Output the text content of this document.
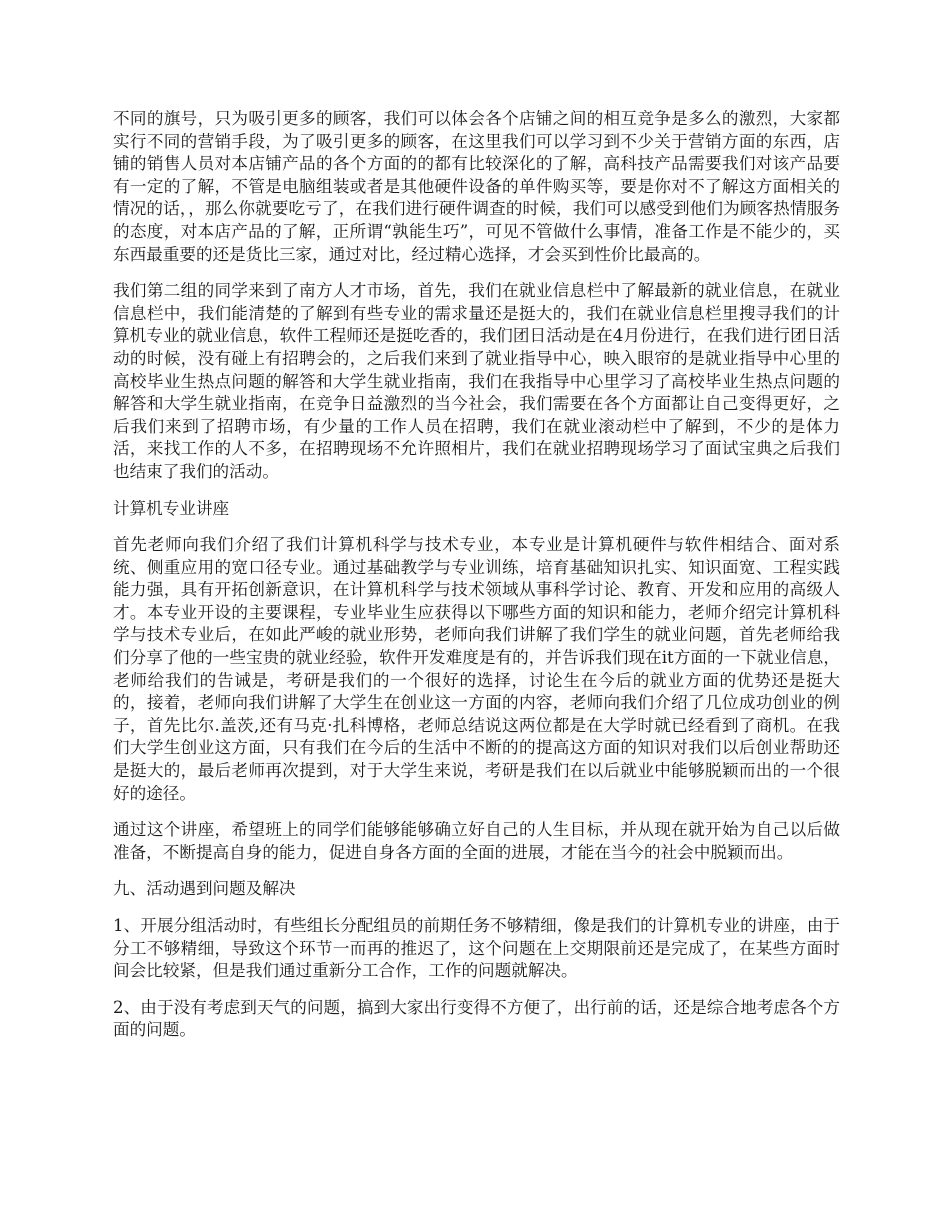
不同的旗号，只为吸引更多的顾客，我们可以体会各个店铺之间的相互竞争是多么的激烈，大家都实行不同的营销手段，为了吸引更多的顾客，在这里我们可以学习到不少关于营销方面的东西，店铺的销售人员对本店铺产品的各个方面的的都有比较深化的了解，高科技产品需要我们对该产品要有一定的了解，不管是电脑组装或者是其他硬件设备的单件购买等，要是你对不了解这方面相关的情况的话，，那么你就要吃亏了，在我们进行硬件调查的时候，我们可以感受到他们为顾客热情服务的态度，对本店产品的了解，正所谓“孰能生巧”，可见不管做什么事情，准备工作是不能少的，买东西最重要的还是货比三家，通过对比，经过精心选择，才会买到性价比最高的。

我们第二组的同学来到了南方人才市场，首先，我们在就业信息栏中了解最新的就业信息，在就业信息栏中，我们能清楚的了解到有些专业的需求量还是挺大的，我们在就业信息栏里搜寻我们的计算机专业的就业信息，软件工程师还是挺吃香的，我们团日活动是在4月份进行，在我们进行团日活动的时候，没有碰上有招聘会的，之后我们来到了就业指导中心，映入眼帘的是就业指导中心里的高校毕业生热点问题的解答和大学生就业指南，我们在我指导中心里学习了高校毕业生热点问题的解答和大学生就业指南，在竞争日益激烈的当今社会，我们需要在各个方面都让自己变得更好，之后我们来到了招聘市场，有少量的工作人员在招聘，我们在就业滚动栏中了解到，不少的是体力活，来找工作的人不多，在招聘现场不允许照相片，我们在就业招聘现场学习了面试宝典之后我们也结束了我们的活动。

计算机专业讲座

首先老师向我们介绍了我们计算机科学与技术专业，本专业是计算机硬件与软件相结合、面对系统、侧重应用的宽口径专业。通过基础教学与专业训练，培育基础知识扎实、知识面宽、工程实践能力强，具有开拓创新意识，在计算机科学与技术领域从事科学讨论、教育、开发和应用的高级人才。本专业开设的主要课程，专业毕业生应获得以下哪些方面的知识和能力，老师介绍完计算机科学与技术专业后，在如此严峻的就业形势，老师向我们讲解了我们学生的就业问题，首先老师给我们分享了他的一些宝贵的就业经验，软件开发难度是有的，并告诉我们现在it方面的一下就业信息，老师给我们的告诫是，考研是我们的一个很好的选择，讨论生在今后的就业方面的优势还是挺大的，接着，老师向我们讲解了大学生在创业这一方面的内容，老师向我们介绍了几位成功创业的例子，首先比尔.盖茨,还有马克·扎科博格，老师总结说这两位都是在大学时就已经看到了商机。在我们大学生创业这方面，只有我们在今后的生活中不断的的提高这方面的知识对我们以后创业帮助还是挺大的，最后老师再次提到，对于大学生来说，考研是我们在以后就业中能够脱颖而出的一个很好的途径。

通过这个讲座，希望班上的同学们能够能够确立好自己的人生目标，并从现在就开始为自己以后做准备，不断提高自身的能力，促进自身各方面的全面的进展，才能在当今的社会中脱颖而出。

九、活动遇到问题及解决

1、开展分组活动时，有些组长分配组员的前期任务不够精细，像是我们的计算机专业的讲座，由于分工不够精细，导致这个环节一而再的推迟了，这个问题在上交期限前还是完成了，在某些方面时间会比较紧，但是我们通过重新分工合作，工作的问题就解决。

2、由于没有考虑到天气的问题，搞到大家出行变得不方便了，出行前的话，还是综合地考虑各个方面的问题。
